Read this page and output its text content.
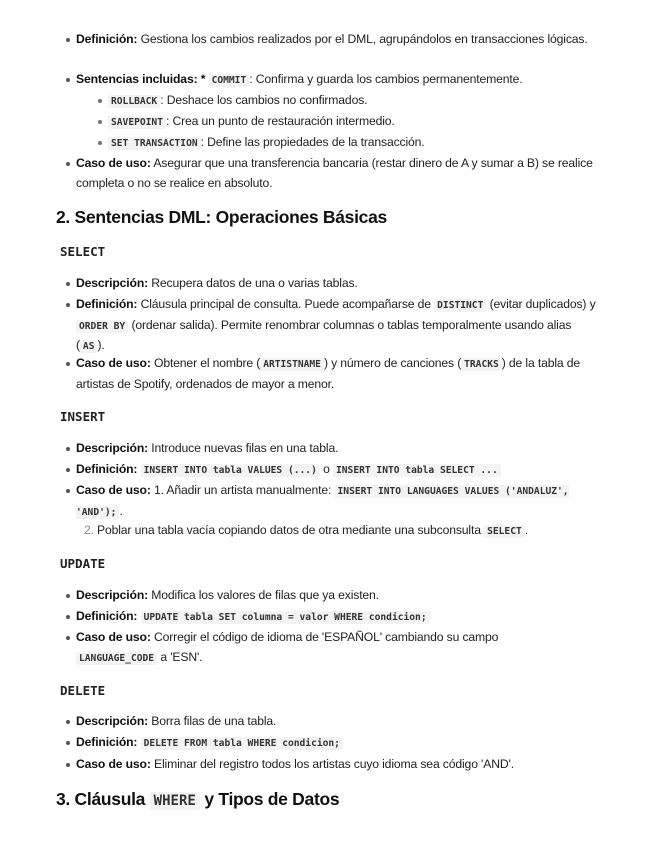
Definición: Gestiona los cambios realizados por el DML, agrupándolos en transacciones lógicas.
Sentencias incluidas: * COMMIT : Confirma y guarda los cambios permanentemente.
ROLLBACK : Deshace los cambios no confirmados.
SAVEPOINT : Crea un punto de restauración intermedio.
SET TRANSACTION : Define las propiedades de la transacción.
Caso de uso: Asegurar que una transferencia bancaria (restar dinero de A y sumar a B) se realice completa o no se realice en absoluto.
2. Sentencias DML: Operaciones Básicas
SELECT
Descripción: Recupera datos de una o varias tablas.
Definición: Cláusula principal de consulta. Puede acompañarse de DISTINCT (evitar duplicados) y ORDER BY (ordenar salida). Permite renombrar columnas o tablas temporalmente usando alias ( AS ).
Caso de uso: Obtener el nombre ( ARTISTNAME ) y número de canciones ( TRACKS ) de la tabla de artistas de Spotify, ordenados de mayor a menor.
INSERT
Descripción: Introduce nuevas filas en una tabla.
Definición: INSERT INTO tabla VALUES (...) o INSERT INTO tabla SELECT ...
Caso de uso: 1. Añadir un artista manualmente: INSERT INTO LANGUAGES VALUES ('ANDALUZ', 'AND'); .
2. Poblar una tabla vacía copiando datos de otra mediante una subconsulta SELECT .
UPDATE
Descripción: Modifica los valores de filas que ya existen.
Definición: UPDATE tabla SET columna = valor WHERE condicion;
Caso de uso: Corregir el código de idioma de 'ESPAÑOL' cambiando su campo
LANGUAGE_CODE a 'ESN'.
DELETE
Descripción: Borra filas de una tabla.
Definición: DELETE FROM tabla WHERE condicion;
Caso de uso: Eliminar del registro todos los artistas cuyo idioma sea código 'AND'.
3. Cláusula WHERE y Tipos de Datos
